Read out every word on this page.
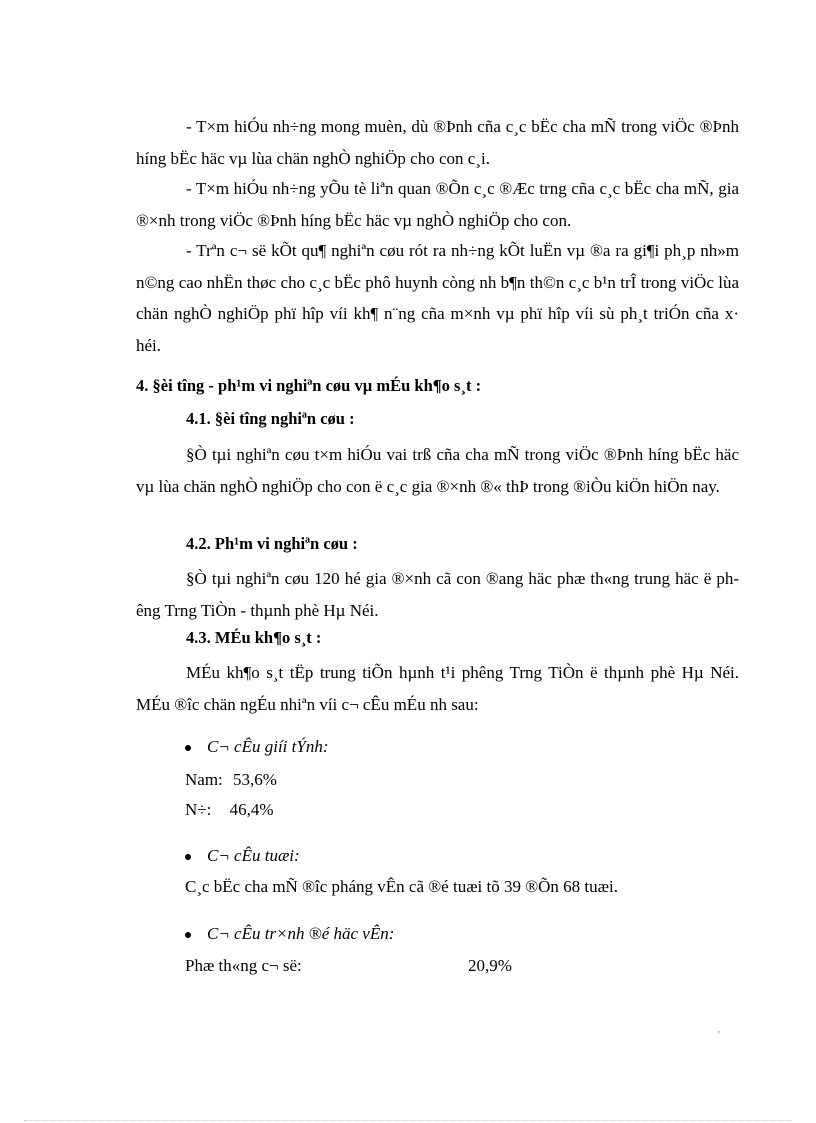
- T×m hiÓu nh÷ng mong muèn, dù ®Þnh cña c¸c bËc cha mÑ trong viÖc ®Þnh híng bËc häc vµ lùa chän nghÒ nghiÖp cho con c¸i.
- T×m hiÓu nh÷ng yÕu tè liªn quan ®Õn c¸c ®Æc trng cña c¸c bËc cha mÑ, gia ®×nh trong viÖc ®Þnh híng bËc häc vµ nghÒ nghiÖp cho con.
- Trªn c¬ së kÕt qu¶ nghiªn cøu rót ra nh÷ng kÕt luËn vµ ®a ra gi¶i ph¸p nh»m n©ng cao nhËn thøc cho c¸c bËc phô huynh còng nh b¶n th©n c¸c b¹n trÎ trong viÖc lùa chän nghÒ nghiÖp phï hîp víi kh¶ n¨ng cña m×nh vµ phï hîp víi sù ph¸t triÓn cña x· héi.
4. §èi tîng - ph¹m vi nghiªn cøu vµ mÉu kh¶o s¸t :
4.1. §èi tîng nghiªn cøu :
§Ò tµi nghiªn cøu t×m hiÓu vai trß cña cha mÑ trong viÖc ®Þnh híng bËc häc vµ lùa chän nghÒ nghiÖp cho con ë c¸c gia ®×nh ®« thÞ trong ®iÒu kiÖn hiÖn nay.
4.2. Ph¹m vi nghiªn cøu :
§Ò tµi nghiªn cøu 120 hé gia ®×nh cã con ®ang häc phæ th«ng trung häc ë phêng Trng TiÒn - thµnh phè Hµ Néi.
4.3. MÉu kh¶o s¸t :
MÉu kh¶o s¸t tËp trung tiÕn hµnh t¹i phêng Trng TiÒn ë thµnh phè Hµ Néi. MÉu ®îc chän ngÉu nhiªn víi c¬ cÊu mÉu nh sau:
C¬ cÊu giíi tÝnh:
Nam: 53,6%
N÷: 46,4%
C¬ cÊu tuæi:
C¸c bËc cha mÑ ®îc pháng vÊn cã ®é tuæi tõ 39 ®Õn 68 tuæi.
C¬ cÊu tr×nh ®é häc vÊn:
Phæ th«ng c¬ së:	20,9%
'
